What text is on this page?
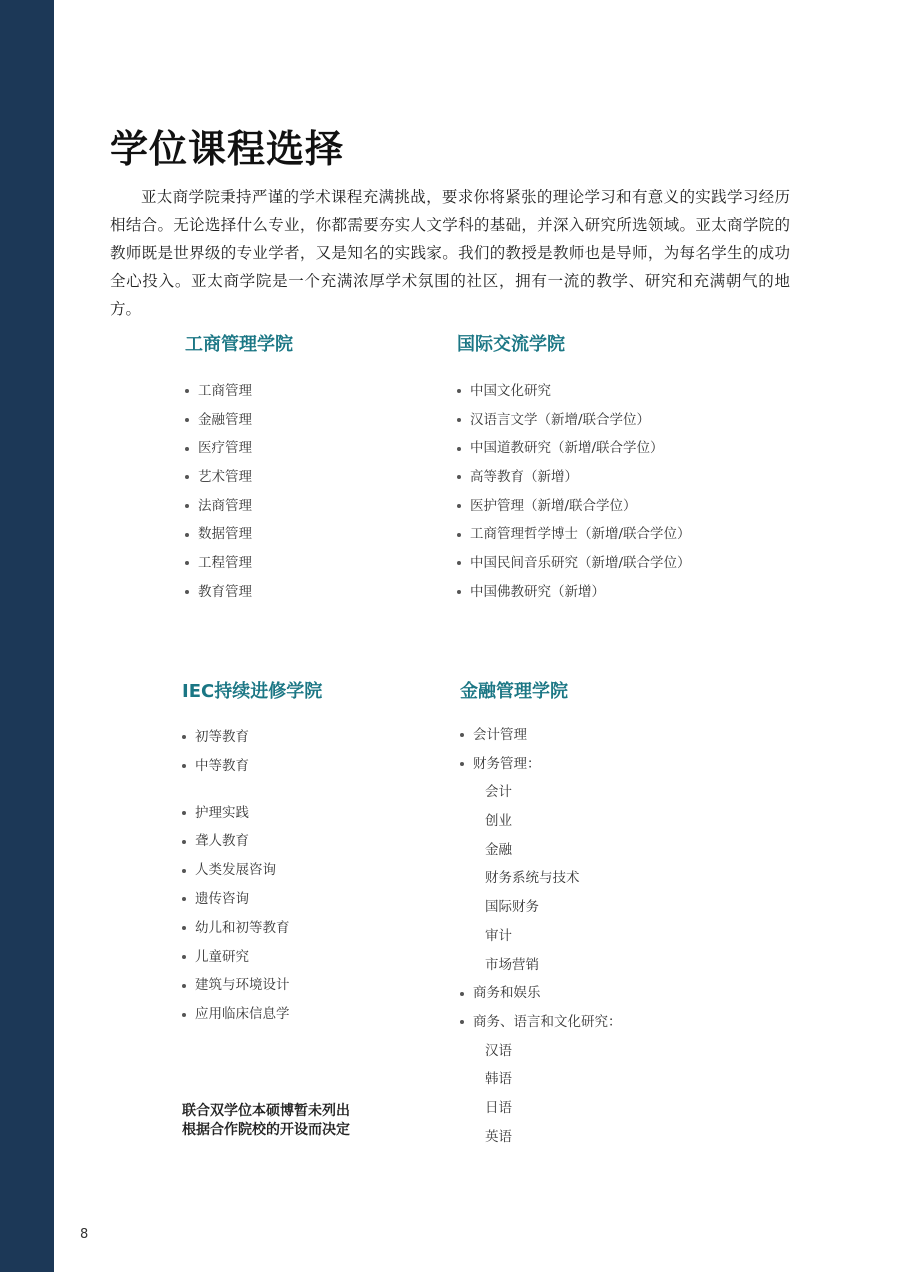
学位课程选择

亚太商学院秉持严谨的学术课程充满挑战，要求你将紧张的理论学习和有意义的实践学习经历相结合。无论选择什么专业，你都需要夯实人文学科的基础，并深入研究所选领域。亚太商学院的教师既是世界级的专业学者，又是知名的实践家。我们的教授是教师也是导师，为每名学生的成功全心投入。亚太商学院是一个充满浓厚学术氛围的社区，拥有一流的教学、研究和充满朝气的地方。

工商管理学院
工商管理
金融管理
医疗管理
艺术管理
法商管理
数据管理
工程管理
教育管理
国际交流学院
中国文化研究
汉语言文学（新增/联合学位）
中国道教研究（新增/联合学位）
高等教育（新增）
医护管理（新增/联合学位）
工商管理哲学博士（新增/联合学位）
中国民间音乐研究（新增/联合学位）
中国佛教研究（新增）
IEC持续进修学院
初等教育
中等教育
护理实践
聋人教育
人类发展咨询
遗传咨询
幼儿和初等教育
儿童研究
建筑与环境设计
应用临床信息学
金融管理学院
会计管理
财务管理：
会计
创业
金融
财务系统与技术
国际财务
审计
市场营销
商务和娱乐
商务、语言和文化研究：
汉语
韩语
日语
英语

联合双学位本硕博暂未列出
根据合作院校的开设而决定

8
